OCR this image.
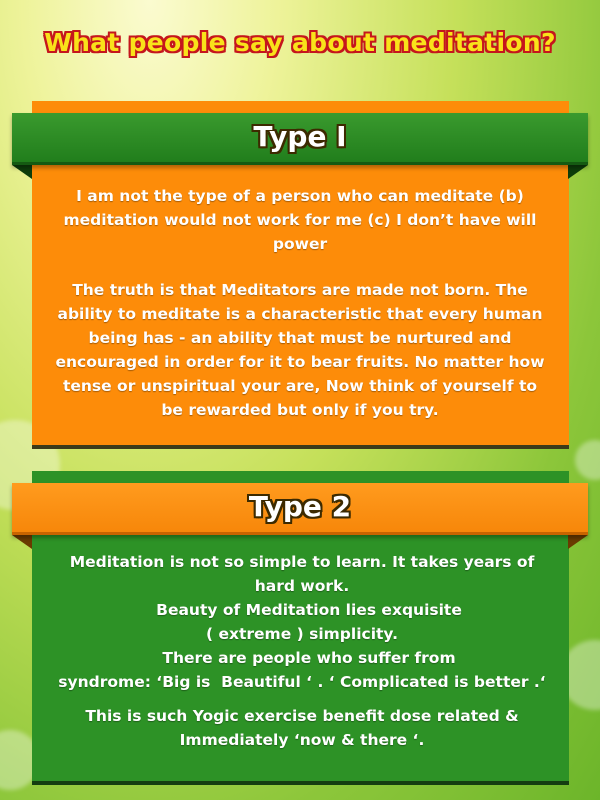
What people say about meditation?
Type I

I am not the type of a person who can meditate (b) meditation would not work for me (c) I don’t have will power

The truth is that Meditators are made not born. The ability to meditate is a characteristic that every human being has - an ability that must be nurtured and encouraged in order for it to bear fruits. No matter how tense or unspiritual your are, Now think of yourself to be rewarded but only if you try.

Type 2

Meditation is not so simple to learn. It takes years of

hard work.

Beauty of Meditation lies exquisite

( extreme ) simplicity.

There are people who suffer from

syndrome: ‘Big is  Beautiful ‘ . ‘ Complicated is better .‘

This is such Yogic exercise benefit dose related & Immediately ‘now & there ‘.
